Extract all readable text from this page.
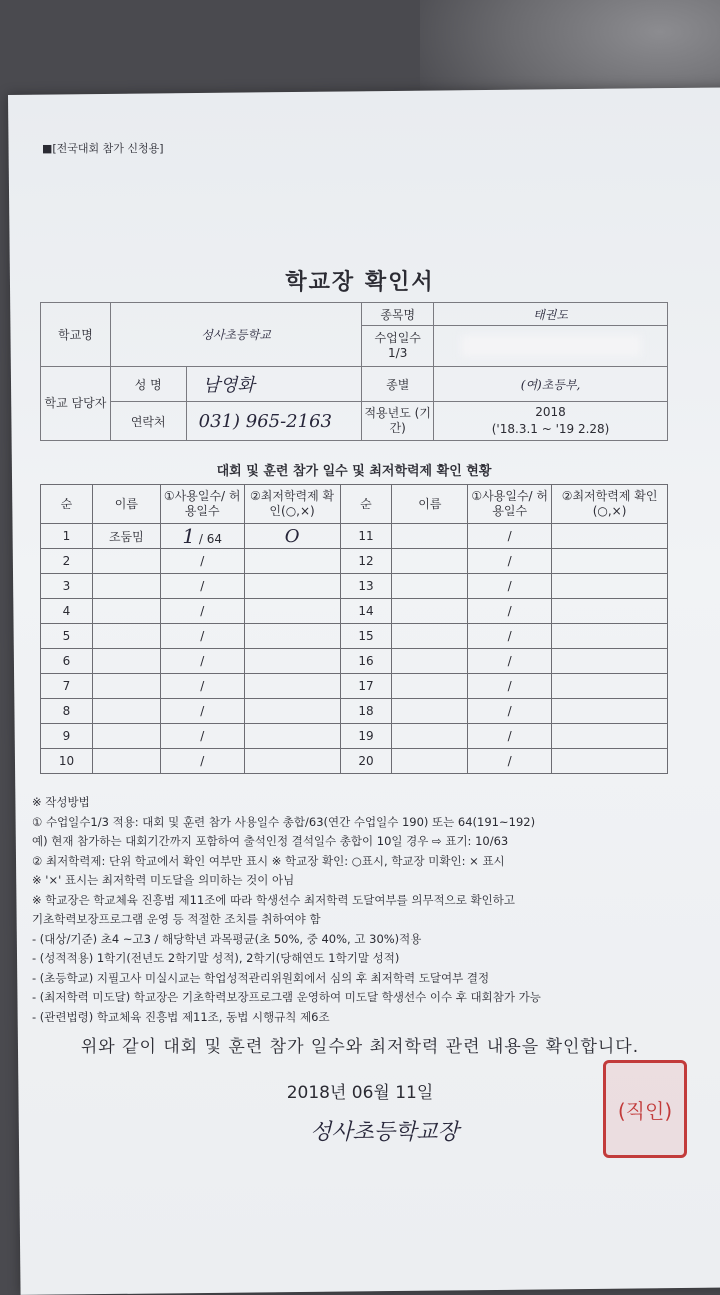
■[전국대회 참가 신청용]
학교장 확인서
학교명	성사초등학교		종목명	태권도
			수업일수 1/3	

학교 담당자	성 명	남영화	종별	(여)초등부,
	연락처	031) 965-2163	적용년도 (기간)	2018
('18.3.1 ~ '19 2.28)
대회 및 훈련 참가 일수 및 최저학력제 확인 현황
순	이름	①사용일수/ 허용일수	②최저학력제 확인(○,×)	순	이름	①사용일수/ 허용일수	②최저학력제 확인(○,×)
1	조둠밈	1 / 64	O	11		/	
2		/		12		/	
3		/		13		/	
4		/		14		/	
5		/		15		/	
6		/		16		/	
7		/		17		/	
8		/		18		/	
9		/		19		/	
10		/		20		/	
※ 작성방법
① 수업일수1/3 적용: 대회 및 훈련 참가 사용일수 총합/63(연간 수업일수 190) 또는 64(191~192)
예) 현재 참가하는 대회기간까지 포함하여 출석인정 결석일수 총합이 10일 경우 ⇨ 표기: 10/63
② 최저학력제: 단위 학교에서 확인 여부만 표시 ※ 학교장 확인: ○표시, 학교장 미확인: × 표시
※ '×' 표시는 최저학력 미도달을 의미하는 것이 아님
※ 학교장은 학교체육 진흥법 제11조에 따라 학생선수 최저학력 도달여부를 의무적으로 확인하고
기초학력보장프로그램 운영 등 적절한 조치를 취하여야 함
- (대상/기준) 초4 ~고3 / 해당학년 과목평균(초 50%, 중 40%, 고 30%)적용
- (성적적용) 1학기(전년도 2학기말 성적), 2학기(당해연도 1학기말 성적)
- (초등학교) 지필고사 미실시교는 학업성적관리위원회에서 심의 후 최저학력 도달여부 결정
- (최저학력 미도달) 학교장은 기초학력보장프로그램 운영하여 미도달 학생선수 이수 후 대회참가 가능
- (관련법령) 학교체육 진흥법 제11조, 동법 시행규칙 제6조
위와 같이 대회 및 훈련 참가 일수와 최저학력 관련 내용을 확인합니다.
2018년 06월 11일
성사초등학교장
(직인)
